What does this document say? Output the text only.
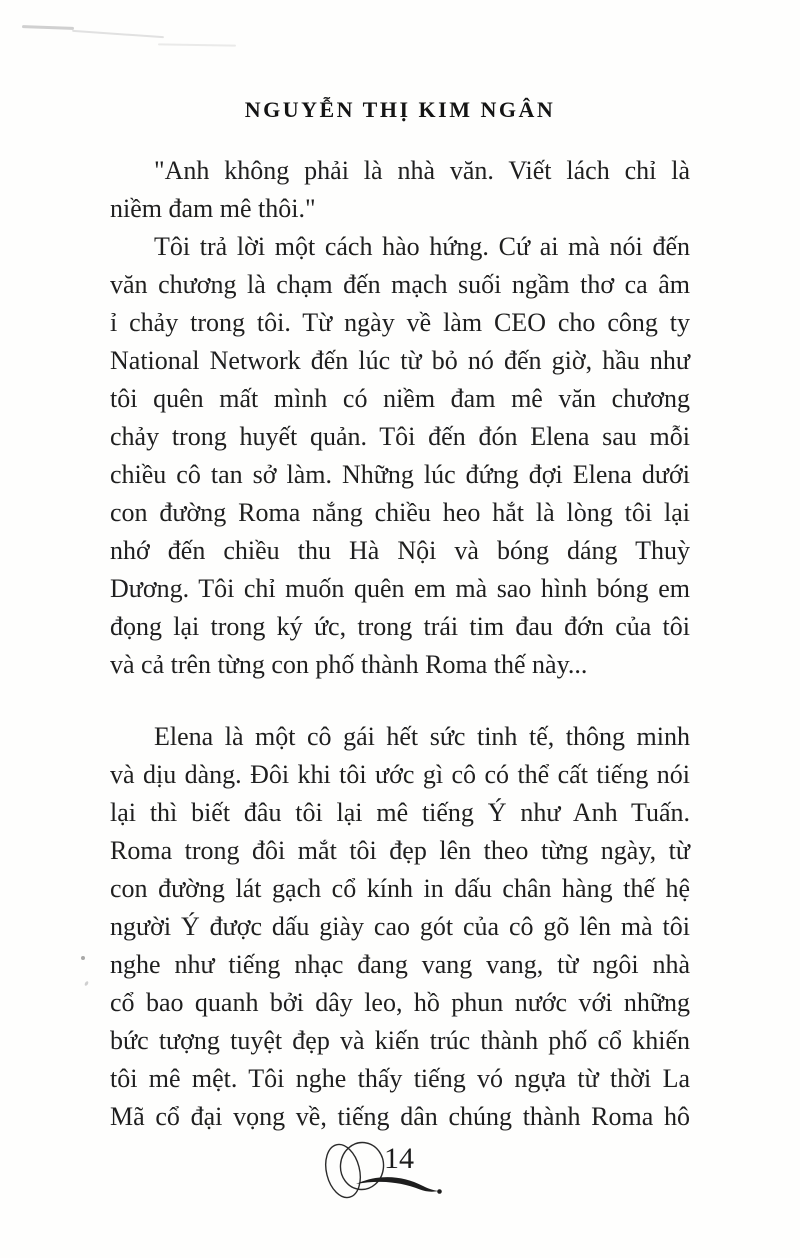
NGUYỄN THỊ KIM NGÂN
"Anh không phải là nhà văn. Viết lách chỉ là
niềm đam mê thôi."
Tôi trả lời một cách hào hứng. Cứ ai mà nói đến
văn chương là chạm đến mạch suối ngầm thơ ca âm
ỉ chảy trong tôi. Từ ngày về làm CEO cho công ty
National Network đến lúc từ bỏ nó đến giờ, hầu như
tôi quên mất mình có niềm đam mê văn chương
chảy trong huyết quản. Tôi đến đón Elena sau mỗi
chiều cô tan sở làm. Những lúc đứng đợi Elena dưới
con đường Roma nắng chiều heo hắt là lòng tôi lại
nhớ đến chiều thu Hà Nội và bóng dáng Thuỳ
Dương. Tôi chỉ muốn quên em mà sao hình bóng em
đọng lại trong ký ức, trong trái tim đau đớn của tôi
và cả trên từng con phố thành Roma thế này...
Elena là một cô gái hết sức tinh tế, thông minh
và dịu dàng. Đôi khi tôi ước gì cô có thể cất tiếng nói
lại thì biết đâu tôi lại mê tiếng Ý như Anh Tuấn.
Roma trong đôi mắt tôi đẹp lên theo từng ngày, từ
con đường lát gạch cổ kính in dấu chân hàng thế hệ
người Ý được dấu giày cao gót của cô gõ lên mà tôi
nghe như tiếng nhạc đang vang vang, từ ngôi nhà
cổ bao quanh bởi dây leo, hồ phun nước với những
bức tượng tuyệt đẹp và kiến trúc thành phố cổ khiến
tôi mê mệt. Tôi nghe thấy tiếng vó ngựa từ thời La
Mã cổ đại vọng về, tiếng dân chúng thành Roma hô
14
